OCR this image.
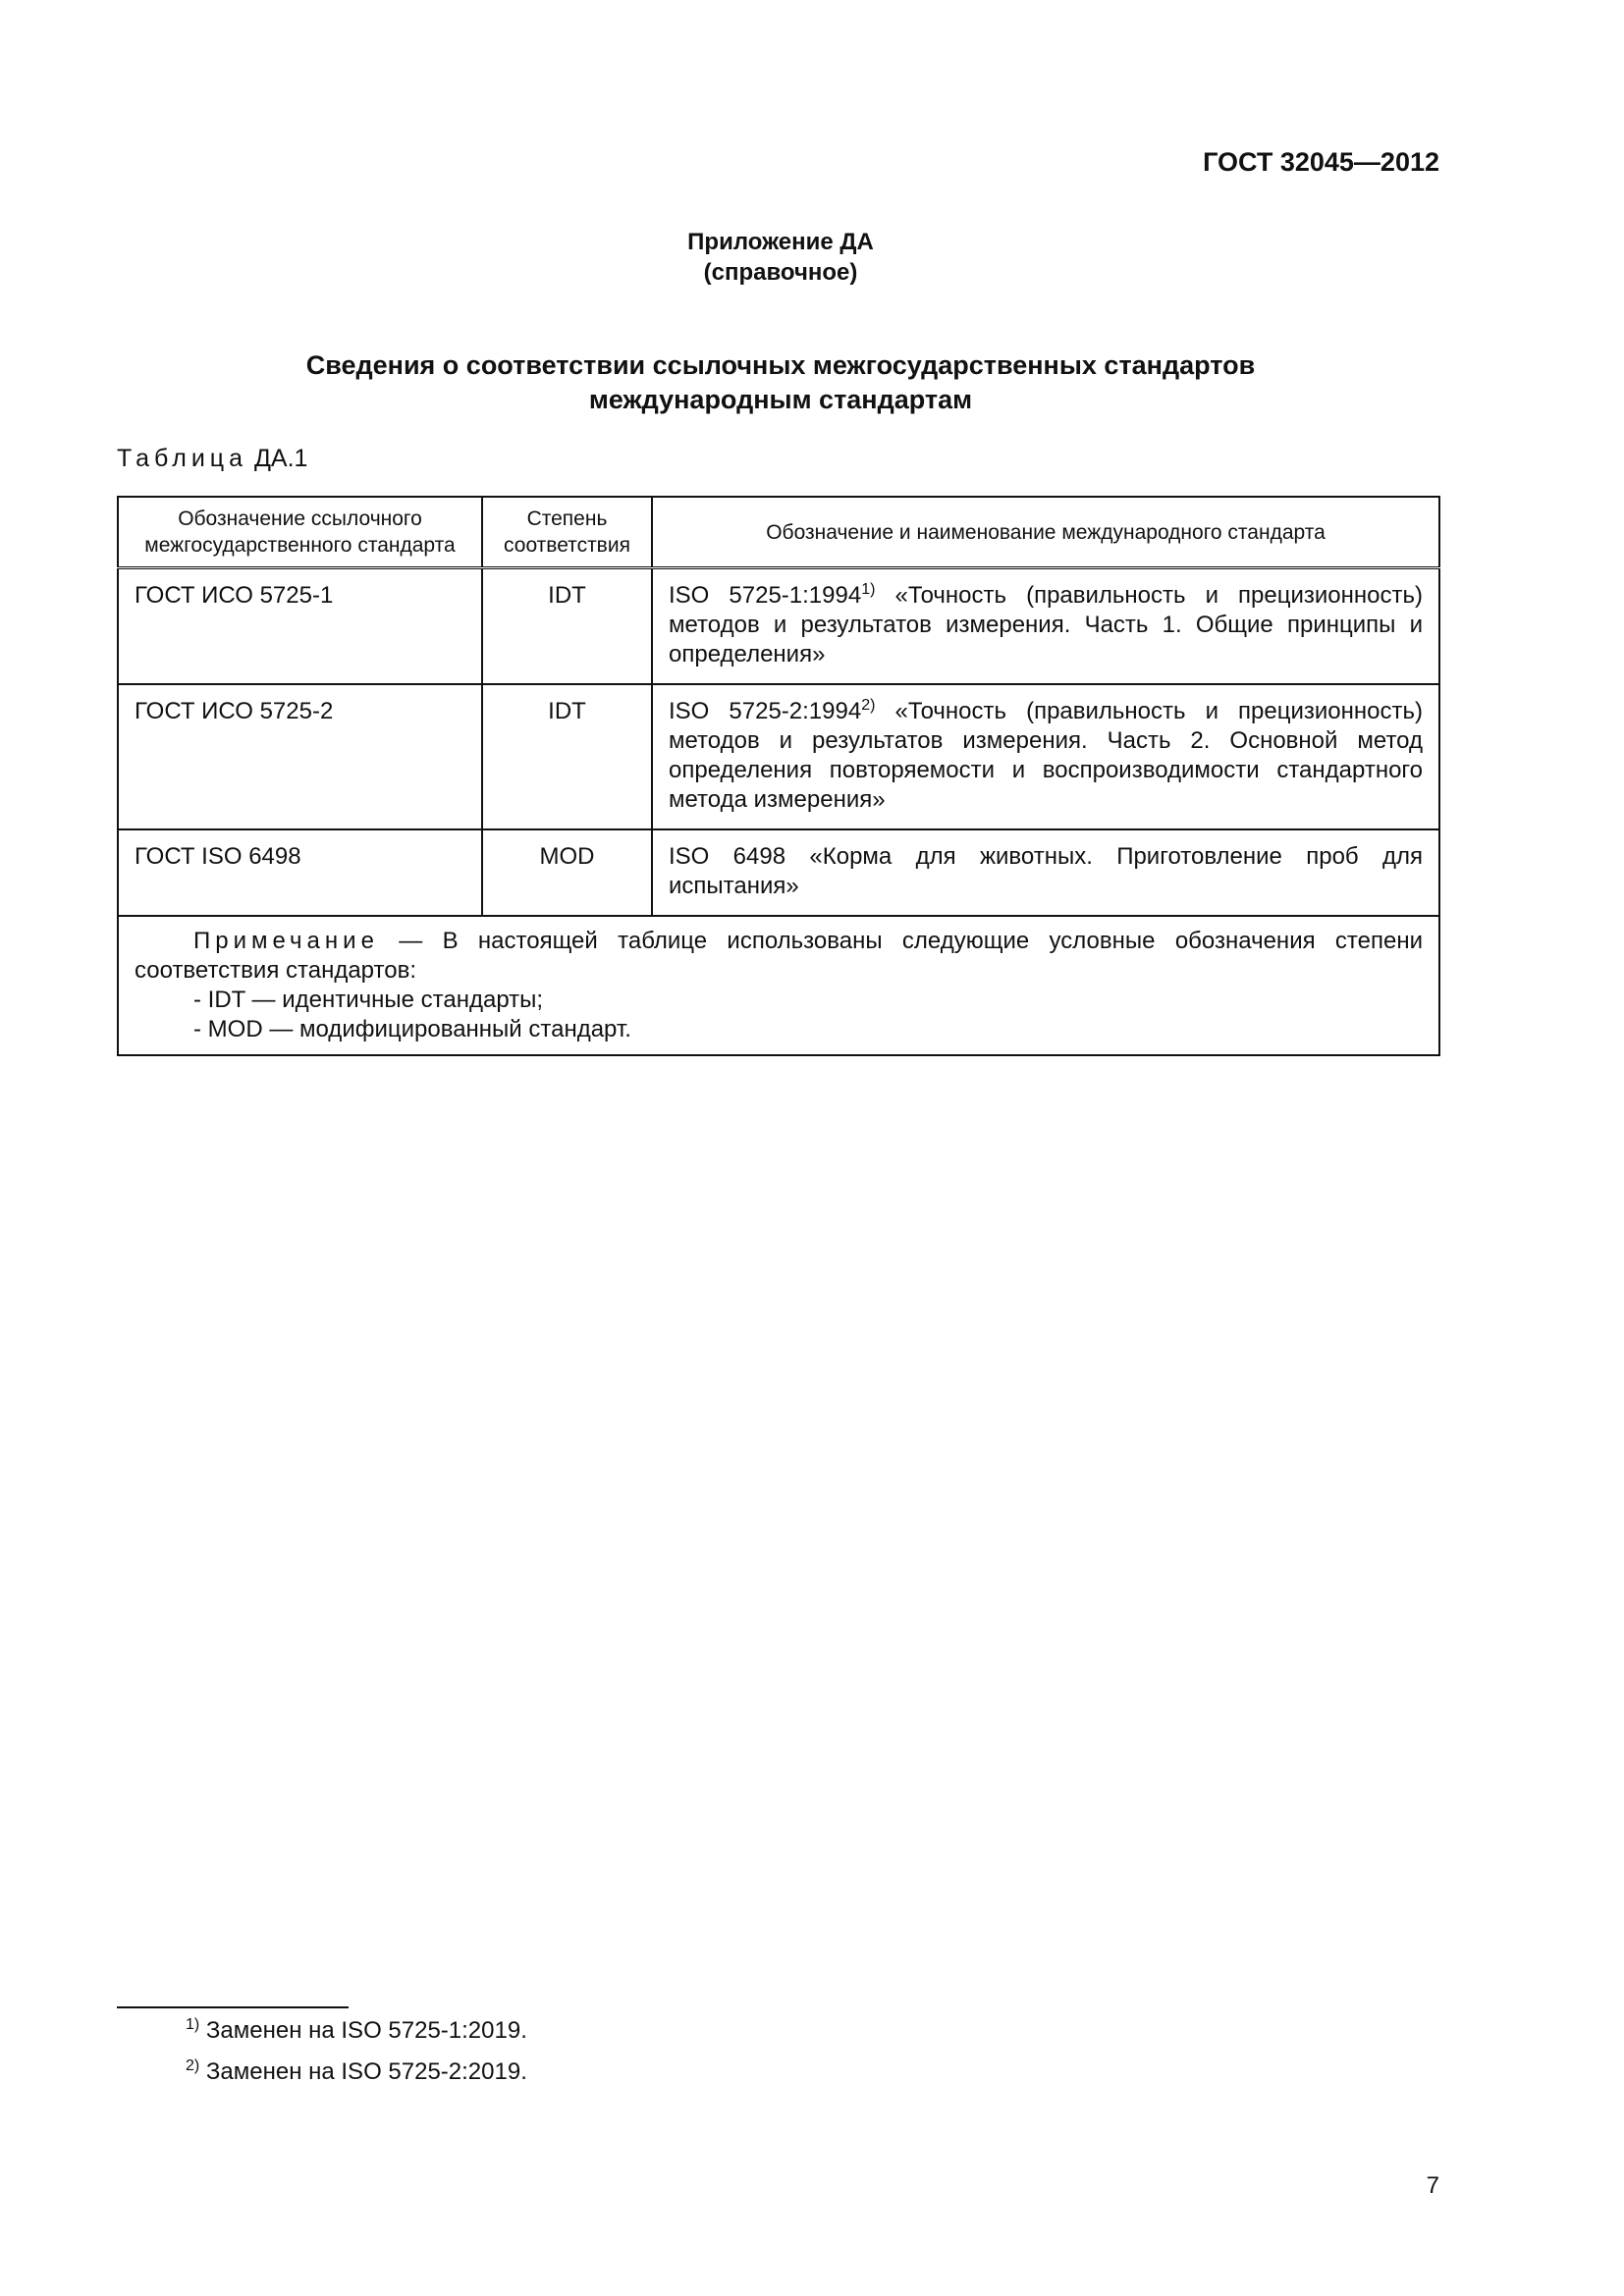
ГОСТ 32045—2012
Приложение ДА
(справочное)
Сведения о соответствии ссылочных межгосударственных стандартов
международным стандартам
Таблица ДА.1
Обозначение ссылочного межгосударственного стандарта	Степень соответствия	Обозначение и наименование международного стандарта
ГОСТ ИСО 5725-1	IDT	ISO 5725-1:1994$^{1)}$ «Точность (правильность и прецизионность) методов и результатов измерения. Часть 1. Общие принципы и определения»
ГОСТ ИСО 5725-2	IDT	ISO 5725-2:1994$^{2)}$ «Точность (правильность и прецизионность) методов и результатов измерения. Часть 2. Основной метод определения повторяемости и воспроизводимости стандартного метода измерения»
ГОСТ ISO 6498	MOD	ISO 6498 «Корма для животных. Приготовление проб для испытания»

Примечание — В настоящей таблице использованы следующие условные обозначения степени соответствия стандартов:
- IDT — идентичные стандарты;
- MOD — модифицированный стандарт.		
$^{1)}$ Заменен на ISO 5725-1:2019.
$^{2)}$ Заменен на ISO 5725-2:2019.
7
